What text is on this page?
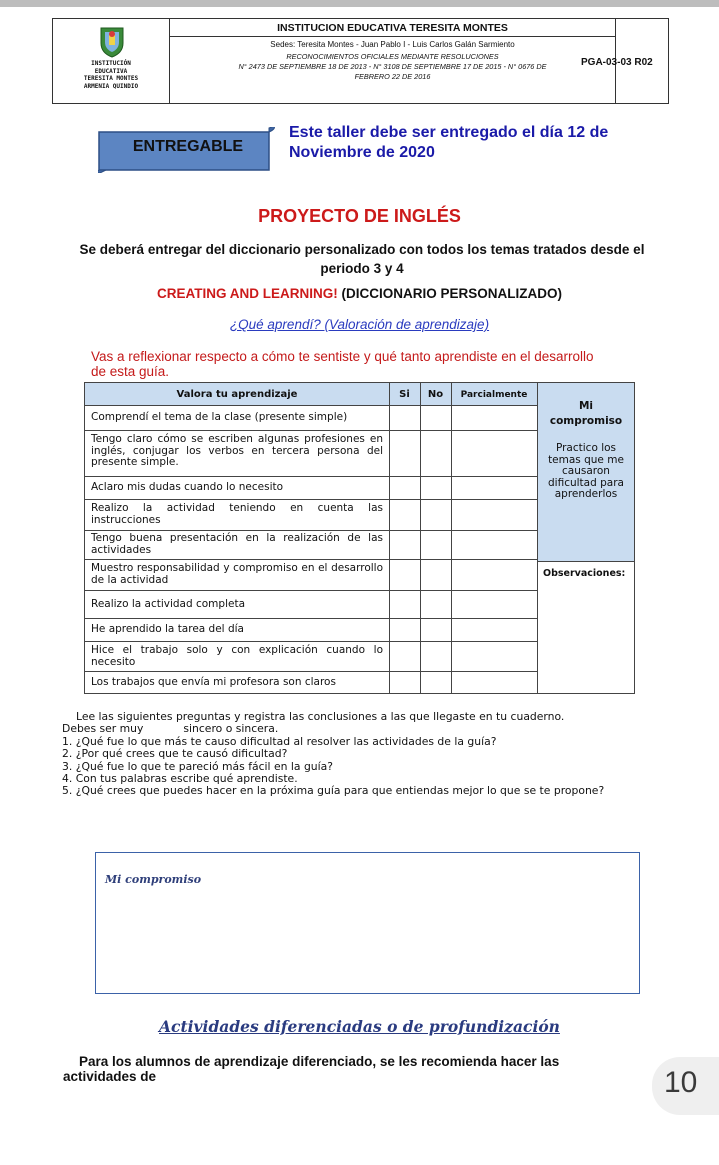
INSTITUCIÓN
EDUCATIVA
TERESITA MONTES
ARMENIA QUINDIO
INSTITUCION EDUCATIVA TERESITA MONTES
Sedes: Teresita Montes - Juan Pablo I - Luis Carlos Galán Sarmiento
RECONOCIMIENTOS OFICIALES MEDIANTE RESOLUCIONES
N° 2473 DE SEPTIEMBRE 18 DE 2013 - N° 3108 DE SEPTIEMBRE 17 DE 2015 - N° 0676 DE
FEBRERO 22 DE 2016
PGA-03-03 R02
ENTREGABLE
Este taller debe ser entregado el día 12 de
Noviembre de 2020
PROYECTO DE INGLÉS
Se deberá entregar del diccionario personalizado con todos los temas tratados desde el
periodo 3 y 4
CREATING AND LEARNING! (DICCIONARIO PERSONALIZADO)
¿Qué aprendí? (Valoración de aprendizaje)
Vas a reflexionar respecto a cómo te sentiste y qué tanto aprendiste en el desarrollo
de esta guía.
Valora tu aprendizaje	Si	No	Parcialmente
Comprendí el tema de la clase (presente simple)
Tengo claro cómo se escriben algunas profesiones en inglés, conjugar los verbos en tercera persona del presente simple.
Aclaro mis dudas cuando lo necesito
Realizo la actividad teniendo en cuenta las instrucciones
Tengo buena presentación en la realización de las actividades
Muestro responsabilidad y compromiso en el desarrollo de la actividad
Realizo la actividad completa
He aprendido la tarea del día
Hice el trabajo solo y con explicación cuando lo necesito
Los trabajos que envía mi profesora son claros
Mi
compromiso
Practico los
temas que me
causaron
dificultad para
aprenderlos
Observaciones:
Lee las siguientes preguntas y registra las conclusiones a las que llegaste en tu cuaderno.
Debes ser muy	sincero o sincera.
1. ¿Qué fue lo que más te causo dificultad al resolver las actividades de la guía?
2. ¿Por qué crees que te causó dificultad?
3. ¿Qué fue lo que te pareció más fácil en la guía?
4. Con tus palabras escribe qué aprendiste.
5. ¿Qué crees que puedes hacer en la próxima guía para que entiendas mejor lo que se te propone?
Mi compromiso
Actividades diferenciadas o de profundización
Para los alumnos de aprendizaje diferenciado, se les recomienda hacer las
actividades de	10
